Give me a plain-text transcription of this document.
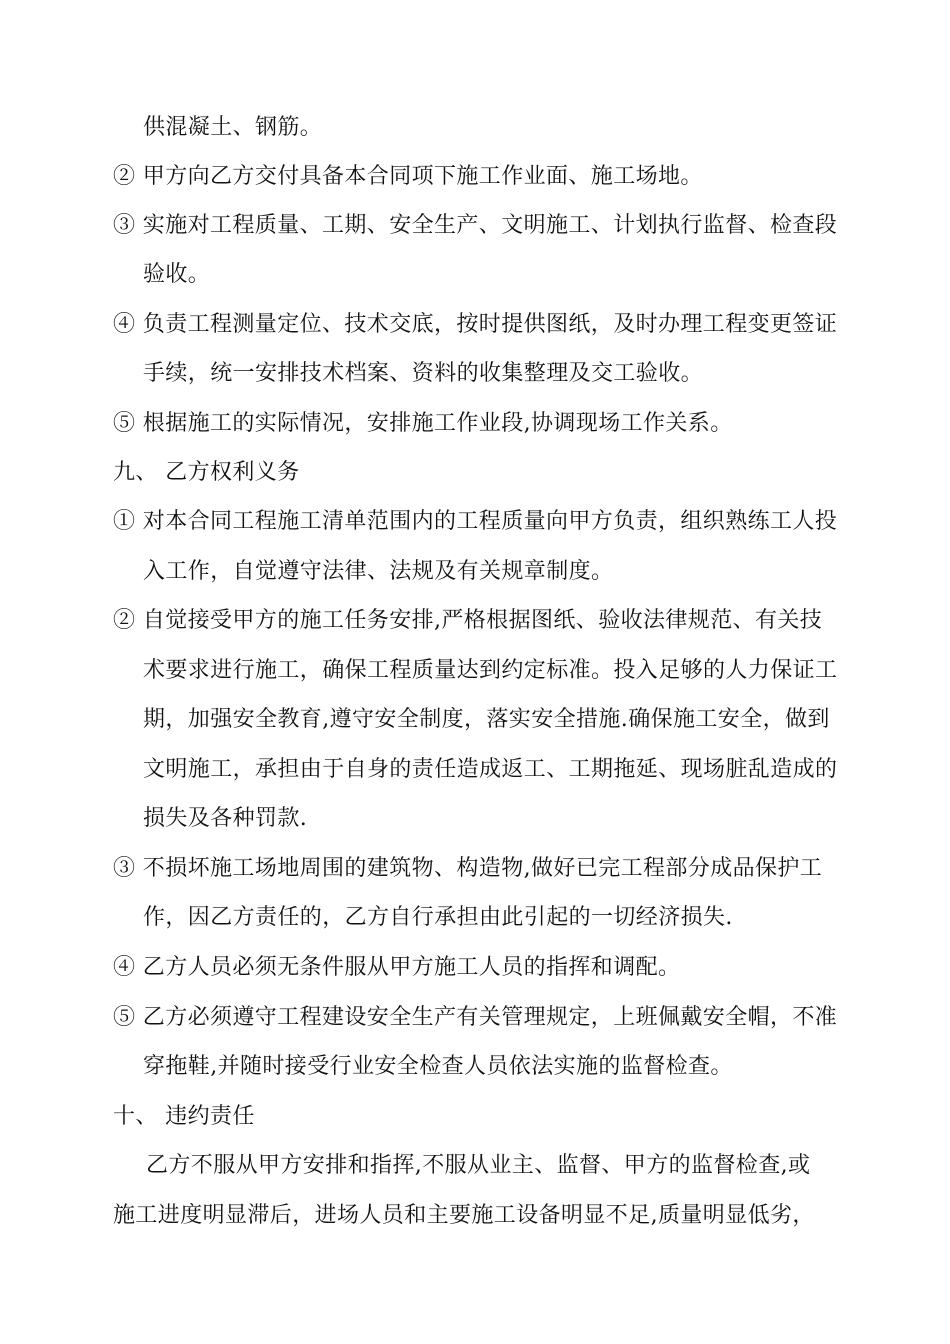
供混凝土、钢筋。
② 甲方向乙方交付具备本合同项下施工作业面、施工场地。
③ 实施对工程质量、工期、安全生产、文明施工、计划执行监督、检查段
验收。
④ 负责工程测量定位、技术交底，按时提供图纸，及时办理工程变更签证
手续，统一安排技术档案、资料的收集整理及交工验收。
⑤ 根据施工的实际情况，安排施工作业段,协调现场工作关系。
九、 乙方权利义务
① 对本合同工程施工清单范围内的工程质量向甲方负责，组织熟练工人投
入工作，自觉遵守法律、法规及有关规章制度。
② 自觉接受甲方的施工任务安排,严格根据图纸、验收法律规范、有关技
术要求进行施工，确保工程质量达到约定标准。投入足够的人力保证工
期，加强安全教育,遵守安全制度，落实安全措施.确保施工安全，做到
文明施工，承担由于自身的责任造成返工、工期拖延、现场脏乱造成的
损失及各种罚款.
③ 不损坏施工场地周围的建筑物、构造物,做好已完工程部分成品保护工
作，因乙方责任的，乙方自行承担由此引起的一切经济损失.
④ 乙方人员必须无条件服从甲方施工人员的指挥和调配。
⑤ 乙方必须遵守工程建设安全生产有关管理规定，上班佩戴安全帽，不准
穿拖鞋,并随时接受行业安全检查人员依法实施的监督检查。
十、 违约责任
乙方不服从甲方安排和指挥,不服从业主、监督、甲方的监督检查,或
施工进度明显滞后，进场人员和主要施工设备明显不足,质量明显低劣，
